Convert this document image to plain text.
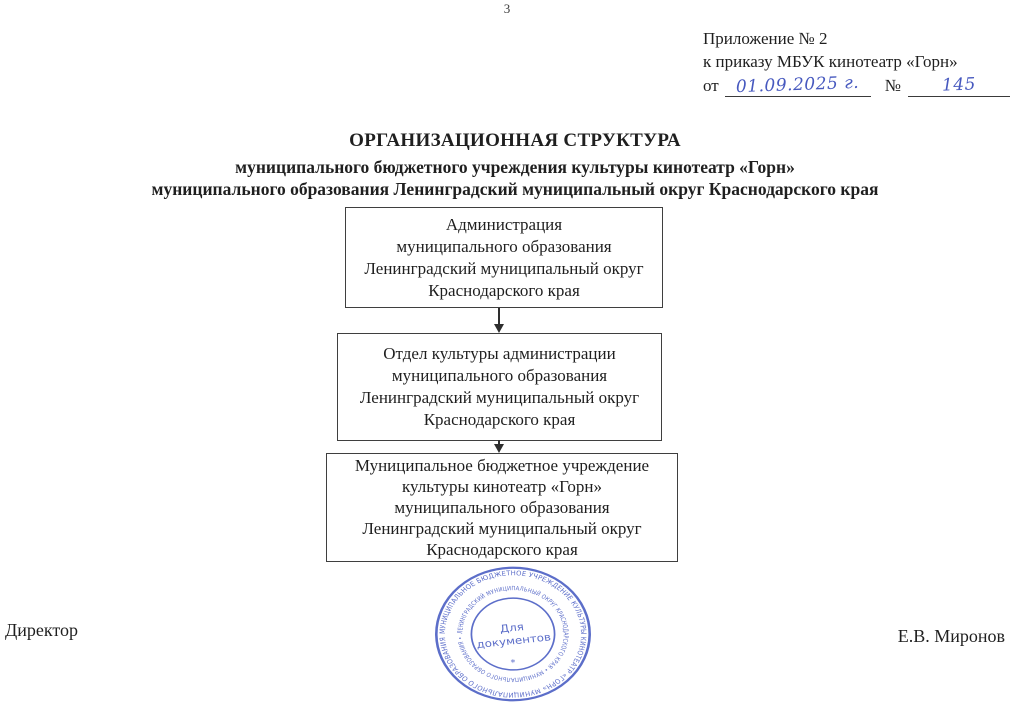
3
Приложение № 2
к приказу МБУК кинотеатр «Горн»
от	01.09.2025 г.	№	145
ОРГАНИЗАЦИОННАЯ СТРУКТУРА
муниципального бюджетного учреждения культуры кинотеатр «Горн»
муниципального образования Ленинградский муниципальный округ Краснодарского края
Администрация
муниципального образования
Ленинградский муниципальный округ
Краснодарского края
Отдел культуры администрации
муниципального образования
Ленинградский муниципальный округ
Краснодарского края
Муниципальное бюджетное учреждение
культуры кинотеатр «Горн»
муниципального образования
Ленинградский муниципальный округ
Краснодарского края
Директор	Е.В. Миронов
МУНИЦИПАЛЬНОЕ БЮДЖЕТНОЕ УЧРЕЖДЕНИЕ КУЛЬТУРЫ КИНОТЕАТР «ГОРН» МУНИЦИПАЛЬНОГО ОБРАЗОВАНИЯ
ЛЕНИНГРАДСКИЙ МУНИЦИПАЛЬНЫЙ ОКРУГ КРАСНОДАРСКОГО КРАЯ • МУНИЦИПАЛЬНОГО ОБРАЗОВАНИЯ •
Для
документов
*
